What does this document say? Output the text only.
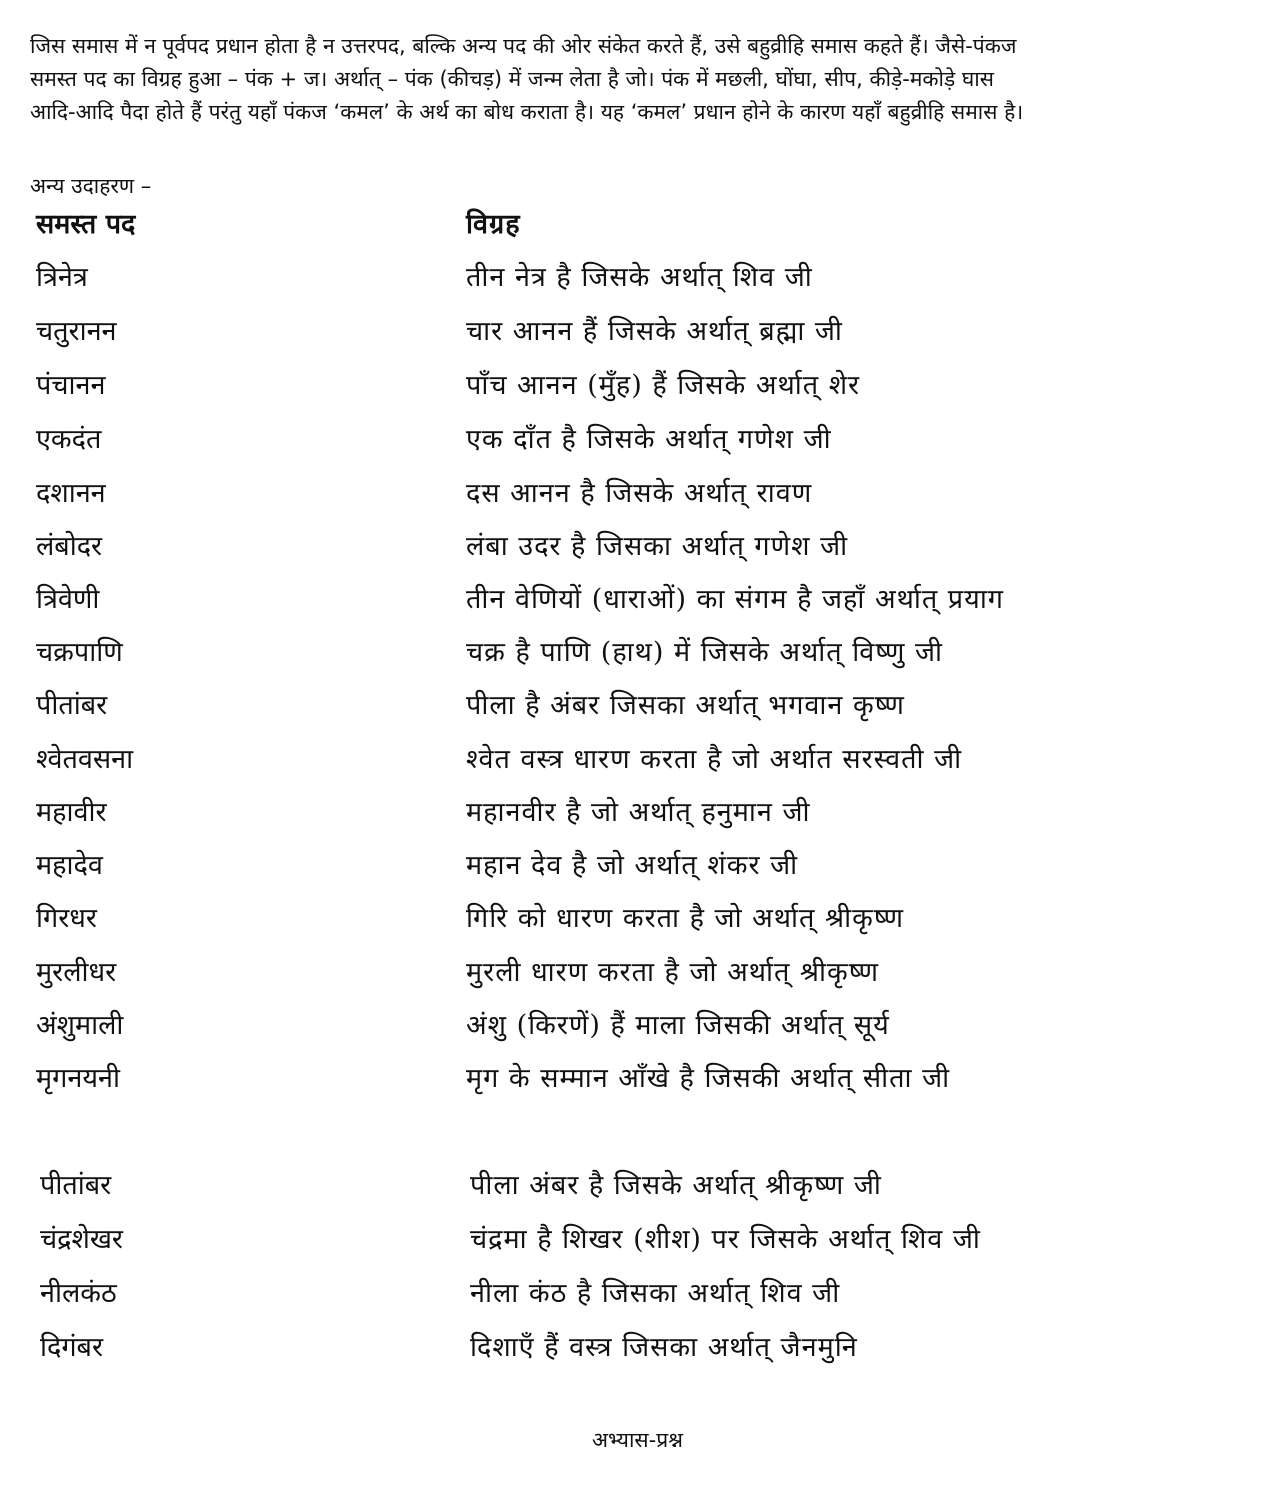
जिस समास में न पूर्वपद प्रधान होता है न उत्तरपद, बल्कि अन्य पद की ओर संकेत करते हैं, उसे बहुव्रीहि समास कहते हैं। जैसे-पंकज
समस्त पद का विग्रह हुआ – पंक + ज। अर्थात् – पंक (कीचड़) में जन्म लेता है जो। पंक में मछली, घोंघा, सीप, कीड़े-मकोड़े घास
आदि-आदि पैदा होते हैं परंतु यहाँ पंकज ‘कमल’ के अर्थ का बोध कराता है। यह ‘कमल’ प्रधान होने के कारण यहाँ बहुव्रीहि समास है।

अन्य उदाहरण –
समस्त पद	विग्रह
त्रिनेत्र	तीन नेत्र है जिसके अर्थात् शिव जी
चतुरानन	चार आनन हैं जिसके अर्थात् ब्रह्मा जी
पंचानन	पाँच आनन (मुँह) हैं जिसके अर्थात् शेर
एकदंत	एक दाँत है जिसके अर्थात् गणेश जी
दशानन	दस आनन है जिसके अर्थात् रावण
लंबोदर	लंबा उदर है जिसका अर्थात् गणेश जी
त्रिवेणी	तीन वेणियों (धाराओं) का संगम है जहाँ अर्थात् प्रयाग
चक्रपाणि	चक्र है पाणि (हाथ) में जिसके अर्थात् विष्णु जी
पीतांबर	पीला है अंबर जिसका अर्थात् भगवान कृष्ण
श्वेतवसना	श्वेत वस्त्र धारण करता है जो अर्थात सरस्वती जी
महावीर	महानवीर है जो अर्थात् हनुमान जी
महादेव	महान देव है जो अर्थात् शंकर जी
गिरधर	गिरि को धारण करता है जो अर्थात् श्रीकृष्ण
मुरलीधर	मुरली धारण करता है जो अर्थात् श्रीकृष्ण
अंशुमाली	अंशु (किरणें) हैं माला जिसकी अर्थात् सूर्य
मृगनयनी	मृग के सम्मान आँखे है जिसकी अर्थात् सीता जी
पीतांबर	पीला अंबर है जिसके अर्थात् श्रीकृष्ण जी
चंद्रशेखर	चंद्रमा है शिखर (शीश) पर जिसके अर्थात् शिव जी
नीलकंठ	नीला कंठ है जिसका अर्थात् शिव जी
दिगंबर	दिशाएँ हैं वस्त्र जिसका अर्थात् जैनमुनि
अभ्यास-प्रश्न
